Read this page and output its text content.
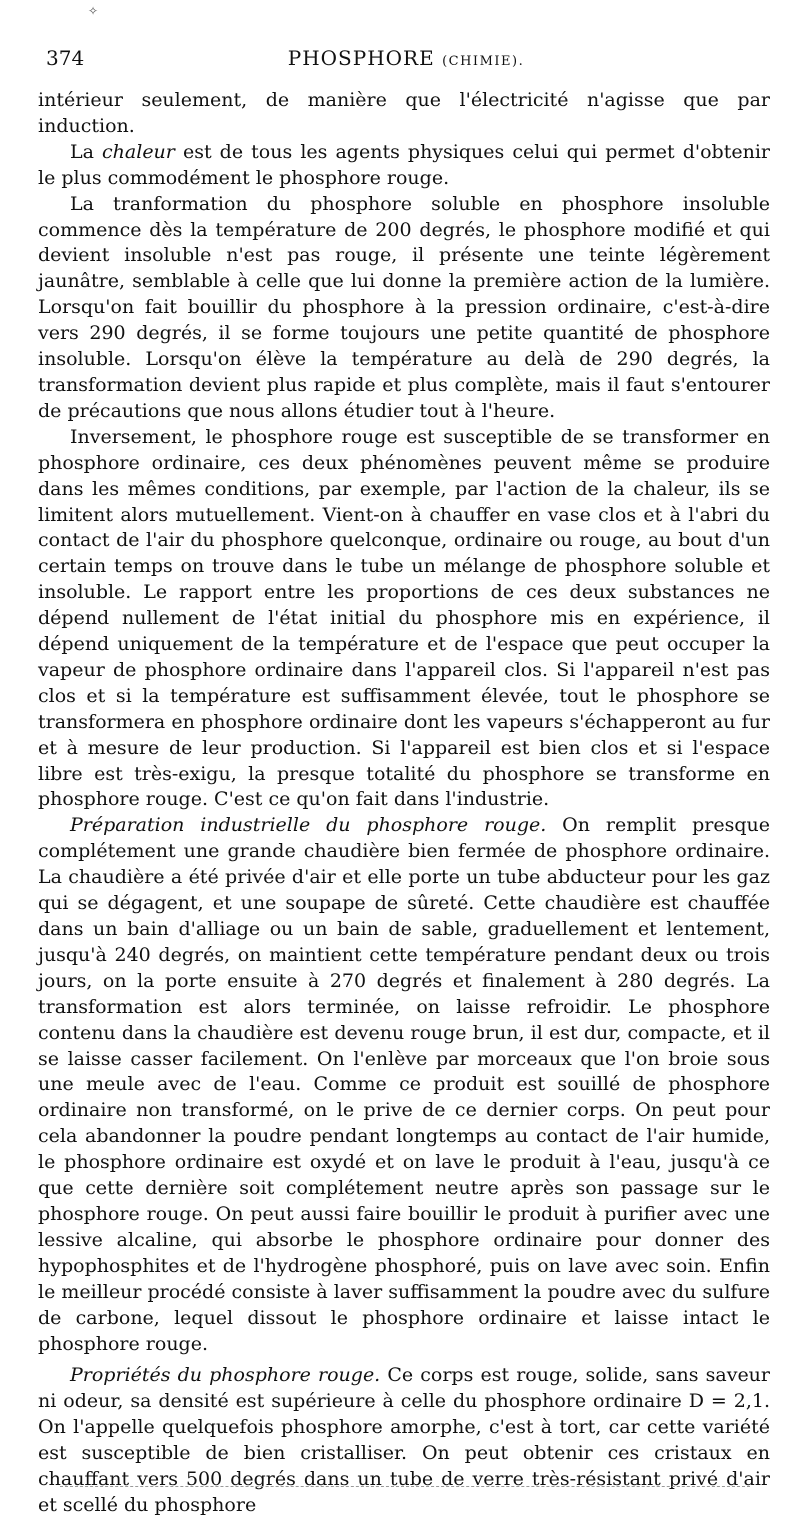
✧
374	PHOSPHORE (CHIMIE).

intérieur seulement, de manière que l'électricité n'agisse que par induction.

La chaleur est de tous les agents physiques celui qui permet d'obtenir le plus commodément le phosphore rouge.

La tranformation du phosphore soluble en phosphore insoluble commence dès la température de 200 degrés, le phosphore modifié et qui devient insoluble n'est pas rouge, il présente une teinte légèrement jaunâtre, semblable à celle que lui donne la première action de la lumière. Lorsqu'on fait bouillir du phosphore à la pression ordinaire, c'est-à-dire vers 290 degrés, il se forme toujours une petite quantité de phosphore insoluble. Lorsqu'on élève la température au delà de 290 degrés, la transformation devient plus rapide et plus complète, mais il faut s'entourer de précautions que nous allons étudier tout à l'heure.

Inversement, le phosphore rouge est susceptible de se transformer en phosphore ordinaire, ces deux phénomènes peuvent même se produire dans les mêmes conditions, par exemple, par l'action de la chaleur, ils se limitent alors mutuellement. Vient-on à chauffer en vase clos et à l'abri du contact de l'air du phosphore quelconque, ordinaire ou rouge, au bout d'un certain temps on trouve dans le tube un mélange de phosphore soluble et insoluble. Le rapport entre les proportions de ces deux substances ne dépend nullement de l'état initial du phosphore mis en expérience, il dépend uniquement de la température et de l'espace que peut occuper la vapeur de phosphore ordinaire dans l'appareil clos. Si l'appareil n'est pas clos et si la température est suffisamment élevée, tout le phosphore se transformera en phosphore ordinaire dont les vapeurs s'échapperont au fur et à mesure de leur production. Si l'appareil est bien clos et si l'espace libre est très-exigu, la presque totalité du phosphore se transforme en phosphore rouge. C'est ce qu'on fait dans l'industrie.

Préparation industrielle du phosphore rouge. On remplit presque complétement une grande chaudière bien fermée de phosphore ordinaire. La chaudière a été privée d'air et elle porte un tube abducteur pour les gaz qui se dégagent, et une soupape de sûreté. Cette chaudière est chauffée dans un bain d'alliage ou un bain de sable, graduellement et lentement, jusqu'à 240 degrés, on maintient cette température pendant deux ou trois jours, on la porte ensuite à 270 degrés et finalement à 280 degrés. La transformation est alors terminée, on laisse refroidir. Le phosphore contenu dans la chaudière est devenu rouge brun, il est dur, compacte, et il se laisse casser facilement. On l'enlève par morceaux que l'on broie sous une meule avec de l'eau. Comme ce produit est souillé de phosphore ordinaire non transformé, on le prive de ce dernier corps. On peut pour cela abandonner la poudre pendant longtemps au contact de l'air humide, le phosphore ordinaire est oxydé et on lave le produit à l'eau, jusqu'à ce que cette dernière soit complétement neutre après son passage sur le phosphore rouge. On peut aussi faire bouillir le produit à purifier avec une lessive alcaline, qui absorbe le phosphore ordinaire pour donner des hypophosphites et de l'hydrogène phosphoré, puis on lave avec soin. Enfin le meilleur procédé consiste à laver suffisamment la poudre avec du sulfure de carbone, lequel dissout le phosphore ordinaire et laisse intact le phosphore rouge.

Propriétés du phosphore rouge. Ce corps est rouge, solide, sans saveur ni odeur, sa densité est supérieure à celle du phosphore ordinaire D = 2,1. On l'appelle quelquefois phosphore amorphe, c'est à tort, car cette variété est susceptible de bien cristalliser. On peut obtenir ces cristaux en chauffant vers 500 degrés dans un tube de verre très-résistant privé d'air et scellé du phosphore
